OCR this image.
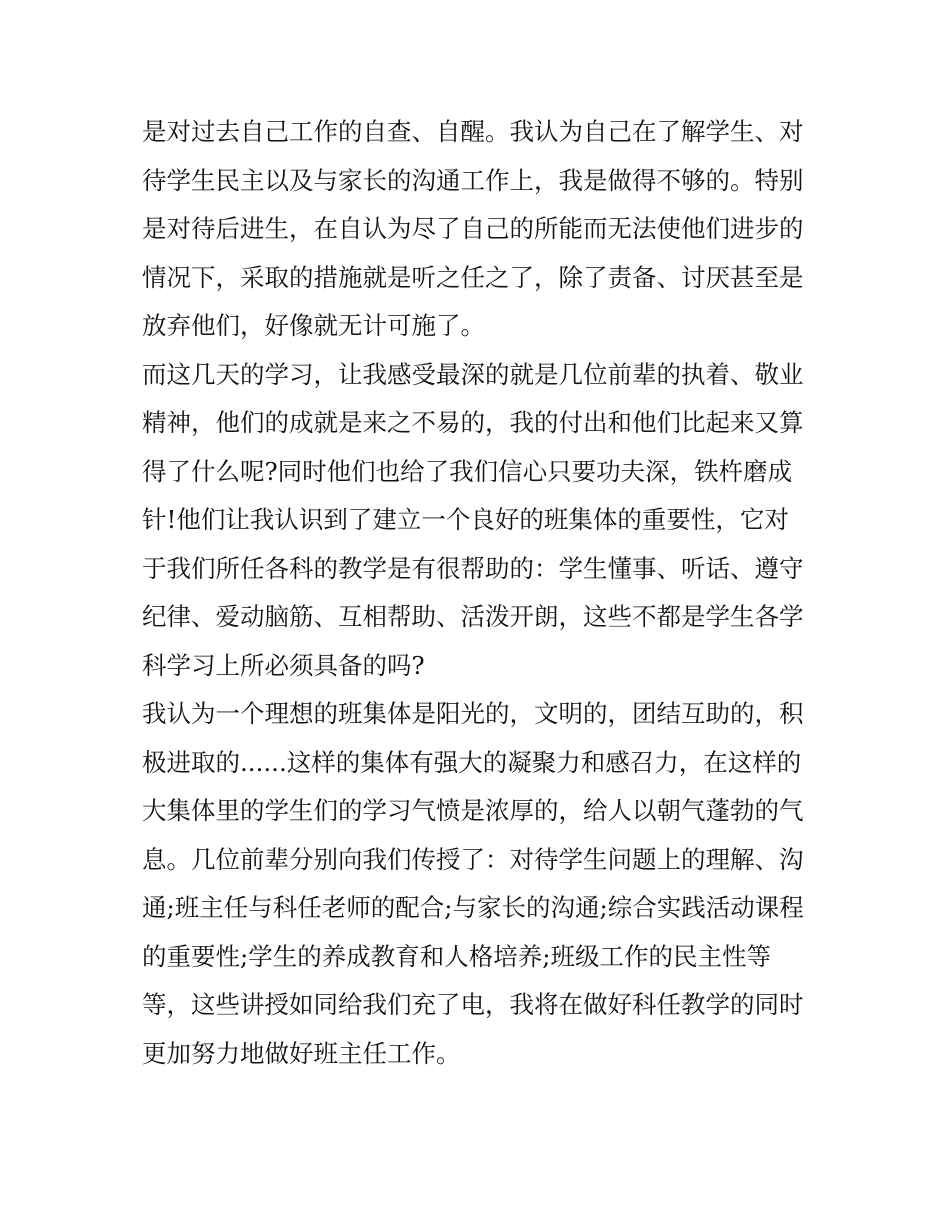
是对过去自己工作的自查、自醒。我认为自己在了解学生、对
待学生民主以及与家长的沟通工作上，我是做得不够的。特别
是对待后进生，在自认为尽了自己的所能而无法使他们进步的
情况下，采取的措施就是听之任之了，除了责备、讨厌甚至是
放弃他们，好像就无计可施了。
而这几天的学习，让我感受最深的就是几位前辈的执着、敬业
精神，他们的成就是来之不易的，我的付出和他们比起来又算
得了什么呢?同时他们也给了我们信心只要功夫深，铁杵磨成
针!他们让我认识到了建立一个良好的班集体的重要性，它对
于我们所任各科的教学是有很帮助的：学生懂事、听话、遵守
纪律、爱动脑筋、互相帮助、活泼开朗，这些不都是学生各学
科学习上所必须具备的吗?
我认为一个理想的班集体是阳光的，文明的，团结互助的，积
极进取的......这样的集体有强大的凝聚力和感召力，在这样的
大集体里的学生们的学习气愤是浓厚的，给人以朝气蓬勃的气
息。几位前辈分别向我们传授了：对待学生问题上的理解、沟
通;班主任与科任老师的配合;与家长的沟通;综合实践活动课程
的重要性;学生的养成教育和人格培养;班级工作的民主性等
等，这些讲授如同给我们充了电，我将在做好科任教学的同时
更加努力地做好班主任工作。
